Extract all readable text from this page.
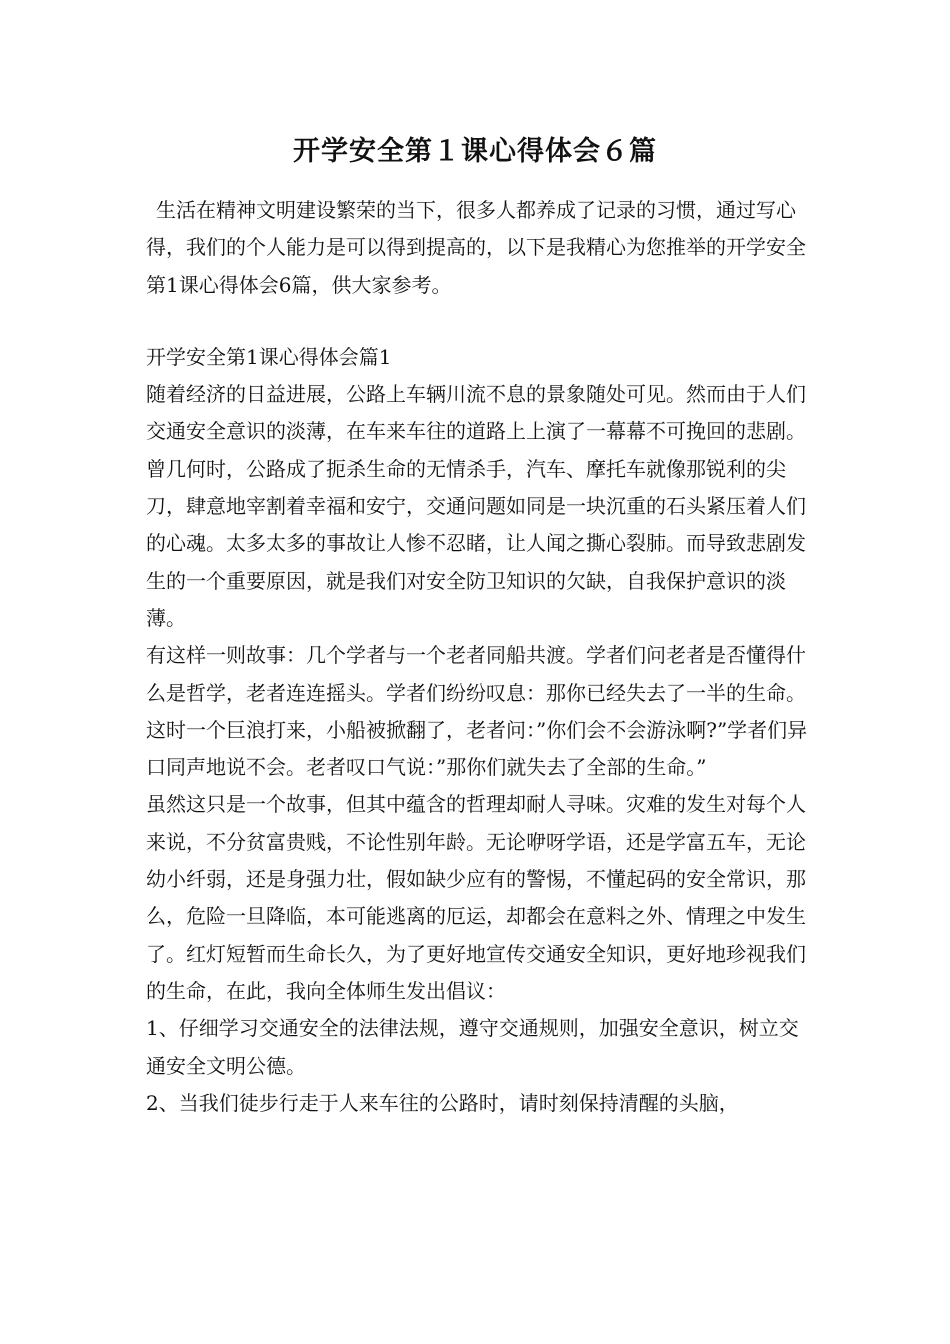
开学安全第１课心得体会６篇

生活在精神文明建设繁荣的当下，很多人都养成了记录的习惯，通过写心得，我们的个人能力是可以得到提高的，以下是我精心为您推举的开学安全第1课心得体会6篇，供大家参考。

开学安全第1课心得体会篇1

随着经济的日益进展，公路上车辆川流不息的景象随处可见。然而由于人们交通安全意识的淡薄，在车来车往的道路上上演了一幕幕不可挽回的悲剧。曾几何时，公路成了扼杀生命的无情杀手，汽车、摩托车就像那锐利的尖刀，肆意地宰割着幸福和安宁，交通问题如同是一块沉重的石头紧压着人们的心魂。太多太多的事故让人惨不忍睹，让人闻之撕心裂肺。而导致悲剧发生的一个重要原因，就是我们对安全防卫知识的欠缺，自我保护意识的淡薄。

有这样一则故事：几个学者与一个老者同船共渡。学者们问老者是否懂得什么是哲学，老者连连摇头。学者们纷纷叹息：那你已经失去了一半的生命。这时一个巨浪打来，小船被掀翻了，老者问：”你们会不会游泳啊?”学者们异口同声地说不会。老者叹口气说：”那你们就失去了全部的生命。”

虽然这只是一个故事，但其中蕴含的哲理却耐人寻味。灾难的发生对每个人来说，不分贫富贵贱，不论性别年龄。无论咿呀学语，还是学富五车，无论幼小纤弱，还是身强力壮，假如缺少应有的警惕，不懂起码的安全常识，那么，危险一旦降临，本可能逃离的厄运，却都会在意料之外、情理之中发生了。红灯短暂而生命长久，为了更好地宣传交通安全知识，更好地珍视我们的生命，在此，我向全体师生发出倡议：

1、仔细学习交通安全的法律法规，遵守交通规则，加强安全意识，树立交通安全文明公德。

2、当我们徒步行走于人来车往的公路时，请时刻保持清醒的头脑，
